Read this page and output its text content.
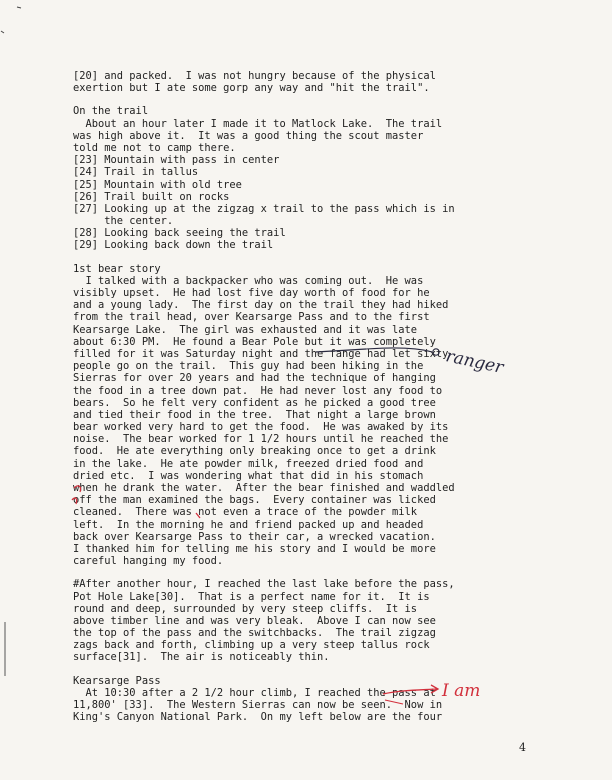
[20] and packed.  I was not hungry because of the physical
exertion but I ate some gorp any way and "hit the trail".
On the trail
About an hour later I made it to Matlock Lake.  The trail
was high above it.  It was a good thing the scout master
told me not to camp there.
[23] Mountain with pass in center
[24] Trail in tallus
[25] Mountain with old tree
[26] Trail built on rocks
[27] Looking up at the zigzag x trail to the pass which is in
the center.
[28] Looking back seeing the trail
[29] Looking back down the trail
1st bear story
I talked with a backpacker who was coming out.  He was
visibly upset.  He had lost five day worth of food for he
and a young lady.  The first day on the trail they had hiked
from the trail head, over Kearsarge Pass and to the first
Kearsarge Lake.  The girl was exhausted and it was late
about 6:30 PM.  He found a Bear Pole but it was completely
filled for it was Saturday night and the fange had let sixty
people go on the trail.  This guy had been hiking in the
Sierras for over 20 years and had the technique of hanging
the food in a tree down pat.  He had never lost any food to
bears.  So he felt very confident as he picked a good tree
and tied their food in the tree.  That night a large brown
bear worked very hard to get the food.  He was awaked by its
noise.  The bear worked for 1 1/2 hours until he reached the
food.  He ate everything only breaking once to get a drink
in the lake.  He ate powder milk, freezed dried food and
dried etc.  I was wondering what that did in his stomach
when he drank the water.  After the bear finished and waddled
off the man examined the bags.  Every container was licked
cleaned.  There was not even a trace of the powder milk
left.  In the morning he and friend packed up and headed
back over Kearsarge Pass to their car, a wrecked vacation.
I thanked him for telling me his story and I would be more
careful hanging my food.
#After another hour, I reached the last lake before the pass,
Pot Hole Lake[30].  That is a perfect name for it.  It is
round and deep, surrounded by very steep cliffs.  It is
above timber line and was very bleak.  Above I can now see
the top of the pass and the switchbacks.  The trail zigzag
zags back and forth, climbing up a very steep tallus rock
surface[31].  The air is noticeably thin.
Kearsarge Pass
At 10:30 after a 2 1/2 hour climb, I reached the pass at
11,800' [33].  The Western Sierras can now be seen.  Now in
King's Canyon National Park.  On my left below are the four
ranger
I am
4
